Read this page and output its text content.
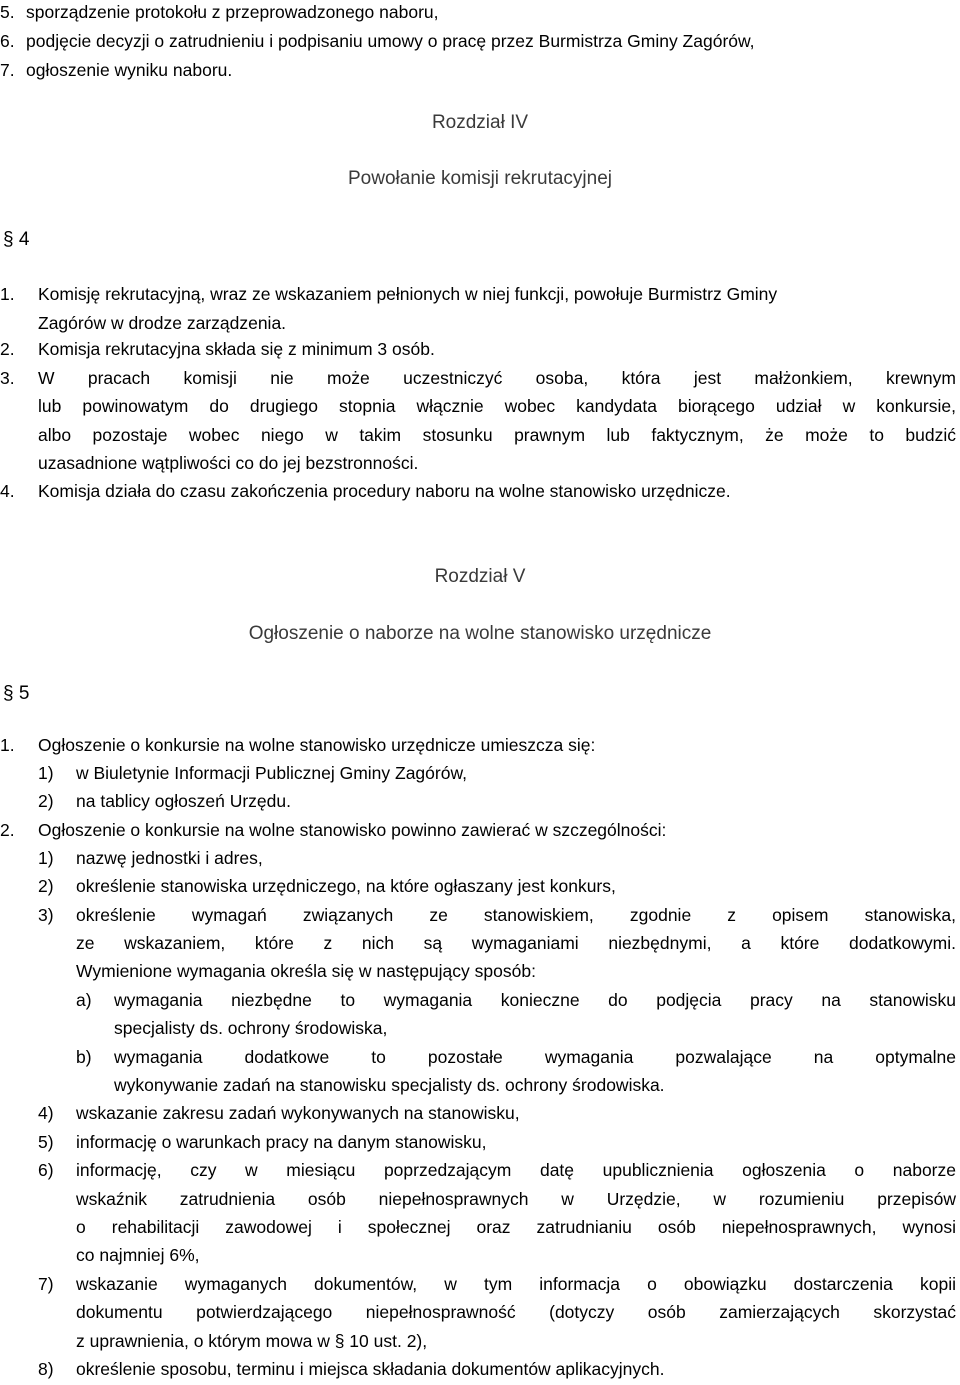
5. sporządzenie protokołu z przeprowadzonego naboru,
6. podjęcie decyzji o zatrudnieniu i podpisaniu umowy o pracę przez Burmistrza Gminy Zagórów,
7. ogłoszenie wyniku naboru.
Rozdział IV
Powołanie komisji rekrutacyjnej
§ 4
1. Komisję rekrutacyjną, wraz ze wskazaniem pełnionych w niej funkcji, powołuje Burmistrz Gminy
Zagórów w drodze zarządzenia.
2. Komisja rekrutacyjna składa się z minimum 3 osób.
3. W pracach komisji nie może uczestniczyć osoba, która jest małżonkiem, krewnym
lub powinowatym do drugiego stopnia włącznie wobec kandydata biorącego udział w konkursie,
albo pozostaje wobec niego w takim stosunku prawnym lub faktycznym, że może to budzić
uzasadnione wątpliwości co do jej bezstronności.
4. Komisja działa do czasu zakończenia procedury naboru na wolne stanowisko urzędnicze.
Rozdział V
Ogłoszenie o naborze na wolne stanowisko urzędnicze
§ 5
1. Ogłoszenie o konkursie na wolne stanowisko urzędnicze umieszcza się:
1) w Biuletynie Informacji Publicznej Gminy Zagórów,
2) na tablicy ogłoszeń Urzędu.
2. Ogłoszenie o konkursie na wolne stanowisko powinno zawierać w szczególności:
1) nazwę jednostki i adres,
2) określenie stanowiska urzędniczego, na które ogłaszany jest konkurs,
3) określenie wymagań związanych ze stanowiskiem, zgodnie z opisem stanowiska,
ze wskazaniem, które z nich są wymaganiami niezbędnymi, a które dodatkowymi.
Wymienione wymagania określa się w następujący sposób:
a) wymagania niezbędne to wymagania konieczne do podjęcia pracy na stanowisku
specjalisty ds. ochrony środowiska,
b) wymagania dodatkowe to pozostałe wymagania pozwalające na optymalne
wykonywanie zadań na stanowisku specjalisty ds. ochrony środowiska.
4) wskazanie zakresu zadań wykonywanych na stanowisku,
5) informację o warunkach pracy na danym stanowisku,
6) informację, czy w miesiącu poprzedzającym datę upublicznienia ogłoszenia o naborze
wskaźnik zatrudnienia osób niepełnosprawnych w Urzędzie, w rozumieniu przepisów
o rehabilitacji zawodowej i społecznej oraz zatrudnianiu osób niepełnosprawnych, wynosi
co najmniej 6%,
7) wskazanie wymaganych dokumentów, w tym informacja o obowiązku dostarczenia kopii
dokumentu potwierdzającego niepełnosprawność (dotyczy osób zamierzających skorzystać
z uprawnienia, o którym mowa w § 10 ust. 2),
8) określenie sposobu, terminu i miejsca składania dokumentów aplikacyjnych.
